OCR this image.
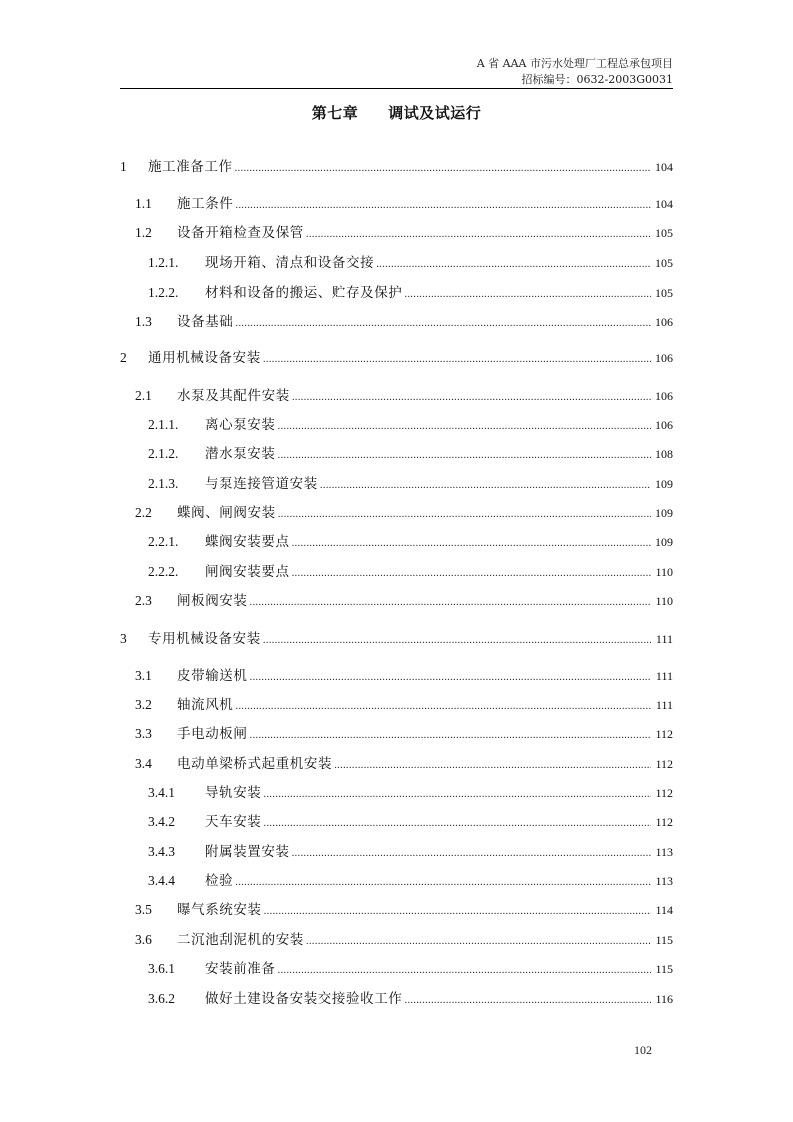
A 省 AAA 市污水处理厂工程总承包项目
招标编号：0632-2003G0031
第七章 调试及试运行
1	施工准备工作 .....	104
1.1	施工条件 .....	104
1.2	设备开箱检查及保管 .....	105
1.2.1.	现场开箱、清点和设备交接 .....	105
1.2.2.	材料和设备的搬运、贮存及保护 .....	105
1.3	设备基础 .....	106
2	通用机械设备安装 .....	106
2.1	水泵及其配件安装 .....	106
2.1.1.	离心泵安装 .....	106
2.1.2.	潜水泵安装 .....	108
2.1.3.	与泵连接管道安装 .....	109
2.2	蝶阀、闸阀安装 .....	109
2.2.1.	蝶阀安装要点 .....	109
2.2.2.	闸阀安装要点 .....	110
2.3	闸板阀安装 .....	110
3	专用机械设备安装 .....	111
3.1	皮带输送机 .....	111
3.2	轴流风机 .....	111
3.3	手电动板闸 .....	112
3.4	电动单梁桥式起重机安装 .....	112
3.4.1	导轨安装 .....	112
3.4.2	天车安装 .....	112
3.4.3	附属装置安装 .....	113
3.4.4	检验 .....	113
3.5	曝气系统安装 .....	114
3.6	二沉池刮泥机的安装 .....	115
3.6.1	安装前准备 .....	115
3.6.2	做好土建设备安装交接验收工作 .....	116
102
